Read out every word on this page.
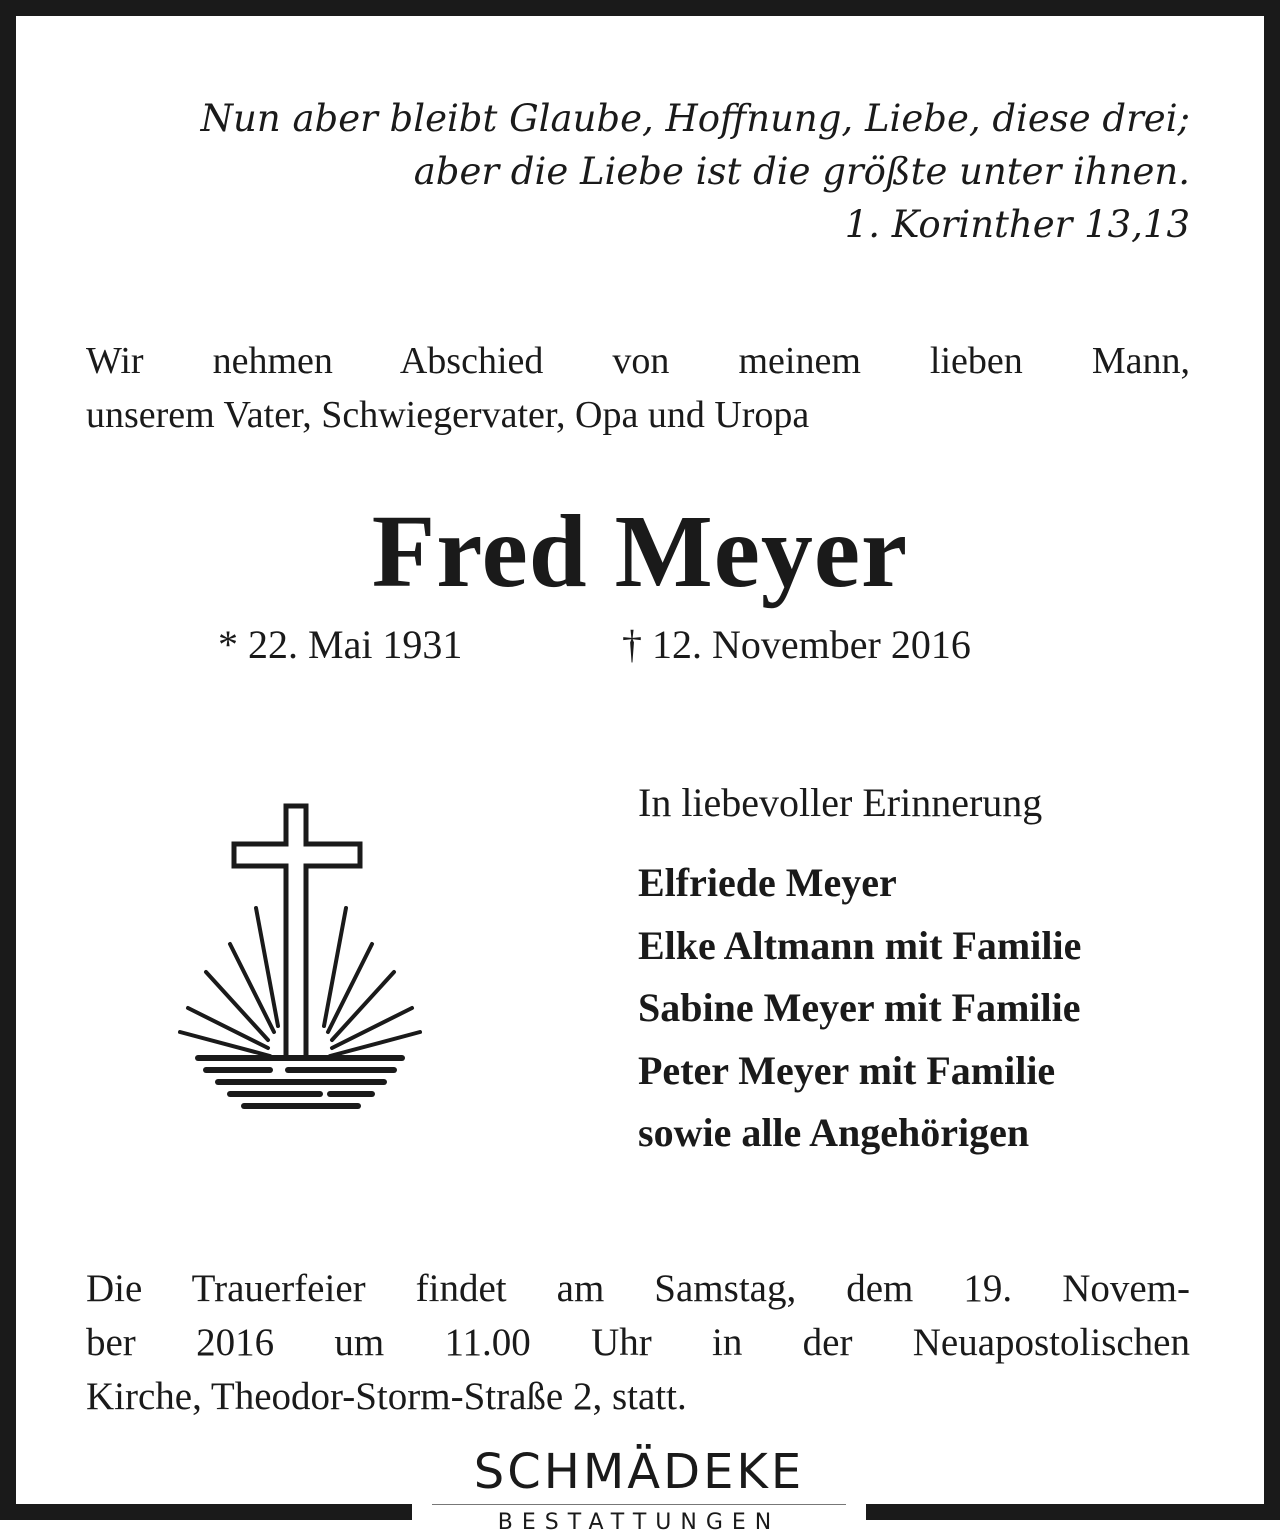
Nun aber bleibt Glaube, Hoffnung, Liebe, diese drei;
aber die Liebe ist die größte unter ihnen.
1. Korinther 13,13
Wir nehmen Abschied von meinem lieben Mann,
unserem Vater, Schwiegervater, Opa und Uropa
Fred Meyer
* 22. Mai 1931	† 12. November 2016
In liebevoller Erinnerung
Elfriede Meyer
Elke Altmann mit Familie
Sabine Meyer mit Familie
Peter Meyer mit Familie
sowie alle Angehörigen
Die Trauerfeier findet am Samstag, dem 19. Novem-
ber 2016 um 11.00 Uhr in der Neuapostolischen
Kirche, Theodor-Storm-Straße 2, statt.
SCHMÄDEKE
BESTATTUNGEN
